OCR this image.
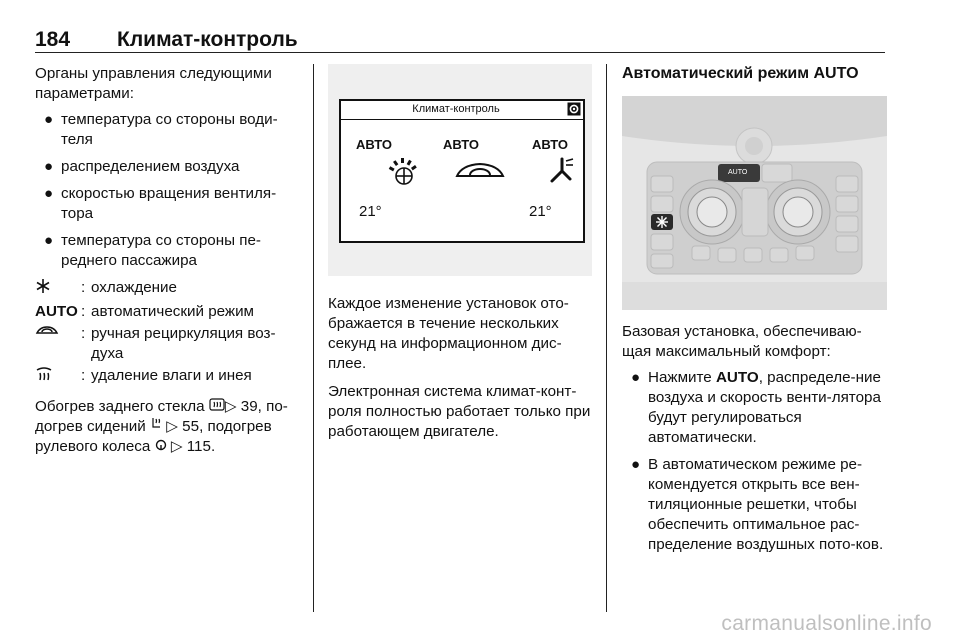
184 Климат-контроль

Органы управления следующими параметрами:

● температура со стороны води-теля
● распределением воздуха
● скоростью вращения вентиля-тора
● температура со стороны пе-реднего пассажира
: охлаждение
AUTO : автоматический режим
: ручная рециркуляция воз-духа
: удаление влаги и инея

Обогрев заднего стекла ▷ 39, по- догрев сидений ▷ 55, подогрев рулевого колеса ▷ 115.

Климат-контроль
АВТО	АВТО	АВТО
21°	21°

Каждое изменение установок ото-бражается в течение нескольких секунд на информационном дис-плее.

Электронная система климат-конт-роля полностью работает только при работающем двигателе.

Автоматический режим AUTO
AUTO

Базовая установка, обеспечиваю-щая максимальный комфорт:

● Нажмите AUTO, распределе-ние воздуха и скорость венти-лятора будут регулироваться автоматически.
● В автоматическом режиме ре-комендуется открыть все вен-тиляционные решетки, чтобы обеспечить оптимальное рас-пределение воздушных пото-ков.
carmanualsonline.info
